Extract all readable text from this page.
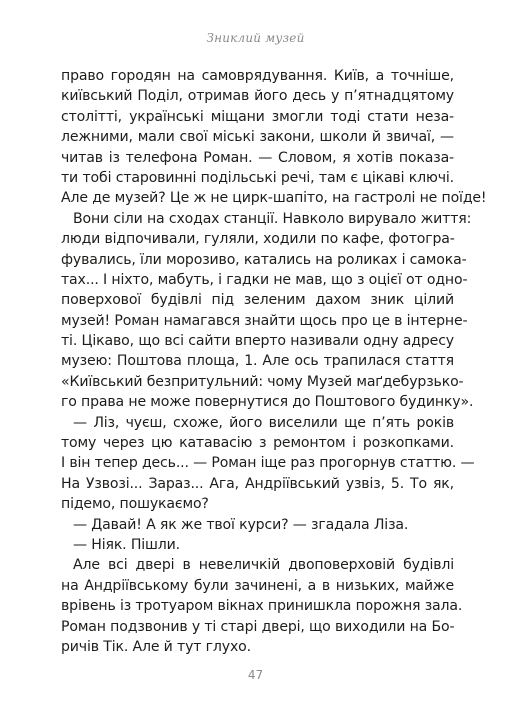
Зниклий музей
право городян на самоврядування. Київ, а точніше,
київський Поділ, отримав його десь у п’ятнадцятому
столітті, українські міщани змогли тоді стати неза-
лежними, мали свої міські закони, школи й звичаї, —
читав із телефона Роман. — Словом, я хотів показа-
ти тобі старовинні подільські речі, там є цікаві ключі.
Але де музей? Це ж не цирк-шапіто, на гастролі не поїде!
Вони сіли на сходах станції. Навколо вирувало життя:
люди відпочивали, гуляли, ходили по кафе, фотогра-
фувались, їли морозиво, катались на роликах і самока-
тах... І ніхто, мабуть, і гадки не мав, що з оцієї от одно-
поверхової будівлі під зеленим дахом зник цілий
музей! Роман намагався знайти щось про це в інтерне-
ті. Цікаво, що всі сайти вперто називали одну адресу
музею: Поштова площа, 1. Але ось трапилася стаття
«Київський безпритульний: чому Музей маґдебурзько-
го права не може повернутися до Поштового будинку».
— Ліз, чуєш, схоже, його виселили ще п’ять років
тому через цю катавасію з ремонтом і розкопками.
І він тепер десь... — Роман іще раз прогорнув статтю. —
На Узвозі... Зараз... Ага, Андріївський узвіз, 5. То як,
підемо, пошукаємо?
— Давай! А як же твої курси? — згадала Ліза.
— Ніяк. Пішли.
Але всі двері в невеличкій двоповерховій будівлі
на Андріївському були зачинені, а в низьких, майже
врівень із тротуаром вікнах принишкла порожня зала.
Роман подзвонив у ті старі двері, що виходили на Бо-
ричів Тік. Але й тут глухо.
47
